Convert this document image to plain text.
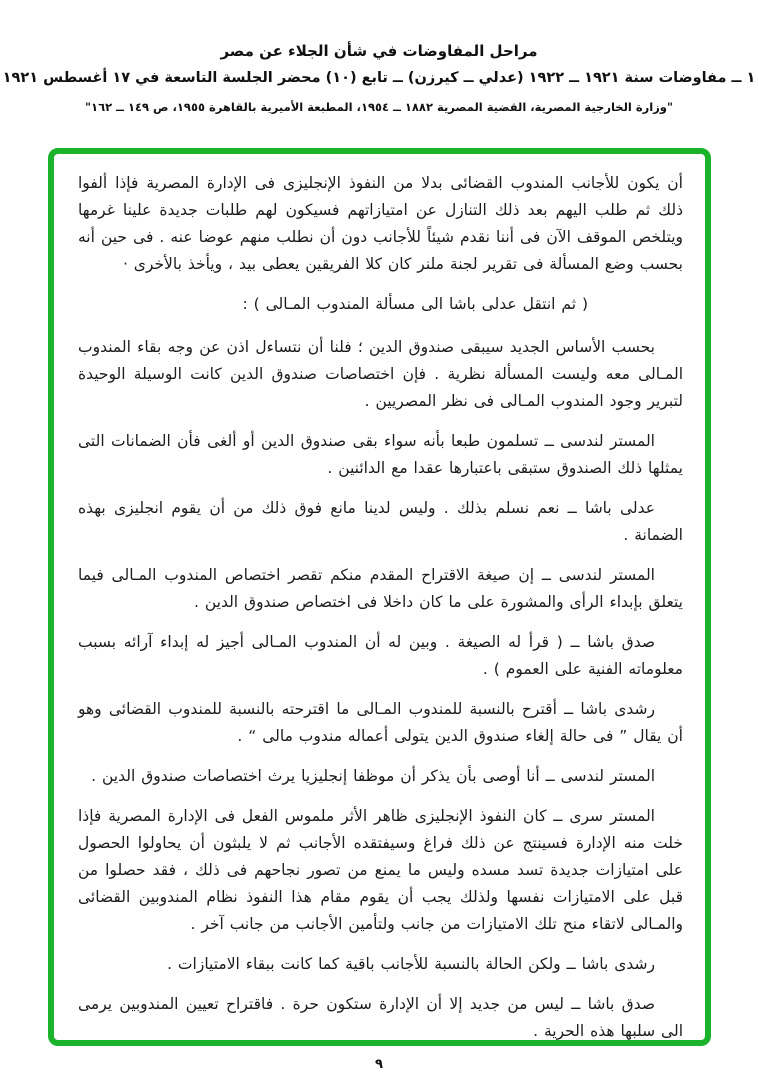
مراحل المفاوضات في شأن الجلاء عن مصر
١ ــ مفاوضات سنة ١٩٢١ ــ ١٩٢٢ (عدلي ــ كيرزن) ــ تابع (١٠) محضر الجلسة التاسعة في ١٧ أغسطس ١٩٢١
"وزارة الخارجية المصرية، القضية المصرية ١٨٨٢ ــ ١٩٥٤، المطبعة الأميرية بالقاهرة ١٩٥٥، ص ١٤٩ ــ ١٦٢"

أن يكون للأجانب المندوب القضائى بدلا من النفوذ الإنجليزى فى الإدارة المصرية فإذا ألفوا ذلك ثم طلب اليهم بعد ذلك التنازل عن امتيازاتهم فسيكون لهم طلبات جديدة علينا غرمها ويتلخص الموقف الآن فى أننا نقدم شيئاً للأجانب دون أن نطلب منهم عوضا عنه . فى حين أنه بحسب وضع المسألة فى تقرير لجنة ملنر كان كلا الفريقين يعطى بيد ، ويأخذ بالأخرى ·

( ثم انتقل عدلى باشا الى مسألة المندوب المـالى ) :

بحسب الأساس الجديد سيبقى صندوق الدين ؛ فلنا أن نتساءل اذن عن وجه بقاء المندوب المـالى معه وليست المسألة نظرية . فإن اختصاصات صندوق الدين كانت الوسيلة الوحيدة لتبرير وجود المندوب المـالى فى نظر المصريين .

المستر لندسى ــ تسلمون طبعا بأنه سواء بقى صندوق الدين أو ألغى فأن الضمانات التى يمثلها ذلك الصندوق ستبقى باعتبارها عقدا مع الدائنين .

عدلى باشا ــ نعم نسلم بذلك . وليس لدينا مانع فوق ذلك من أن يقوم انجليزى بهذه الضمانة .

المستر لندسى ــ إن صيغة الاقتراح المقدم منكم تقصر اختصاص المندوب المـالى فيما يتعلق بإبداء الرأى والمشورة على ما كان داخلا فى اختصاص صندوق الدين .

صدق باشا ــ ( قرأ له الصيغة . وبين له أن المندوب المـالى أجيز له إبداء آرائه بسبب معلوماته الفنية على العموم ) .

رشدى باشا ــ أقترح بالنسبة للمندوب المـالى ما اقترحته بالنسبة للمندوب القضائى وهو أن يقال ” فى حالة إلغاء صندوق الدين يتولى أعماله مندوب مالى “ .

المستر لندسى ــ أنا أوصى بأن يذكر أن موظفا إنجليزيا يرث اختصاصات صندوق الدين .

المستر سرى ــ كان النفوذ الإنجليزى ظاهر الأثر ملموس الفعل فى الإدارة المصرية فإذا خلت منه الإدارة فسينتج عن ذلك فراغ وسيفتقده الأجانب ثم لا يلبثون أن يحاولوا الحصول على امتيازات جديدة تسد مسده وليس ما يمنع من تصور نجاحهم فى ذلك ، فقد حصلوا من قبل على الامتيازات نفسها ولذلك يجب أن يقوم مقام هذا النفوذ نظام المندوبين القضائى والمـالى لاتقاء منح تلك الامتيازات من جانب ولتأمين الأجانب من جانب آخر .

رشدى باشا ــ ولكن الحالة بالنسبة للأجانب باقية كما كانت ببقاء الامتيازات .

صدق باشا ــ ليس من جديد إلا أن الإدارة ستكون حرة . فاقتراح تعيين المندوبين يرمى الى سلبها هذه الحرية .

٩
